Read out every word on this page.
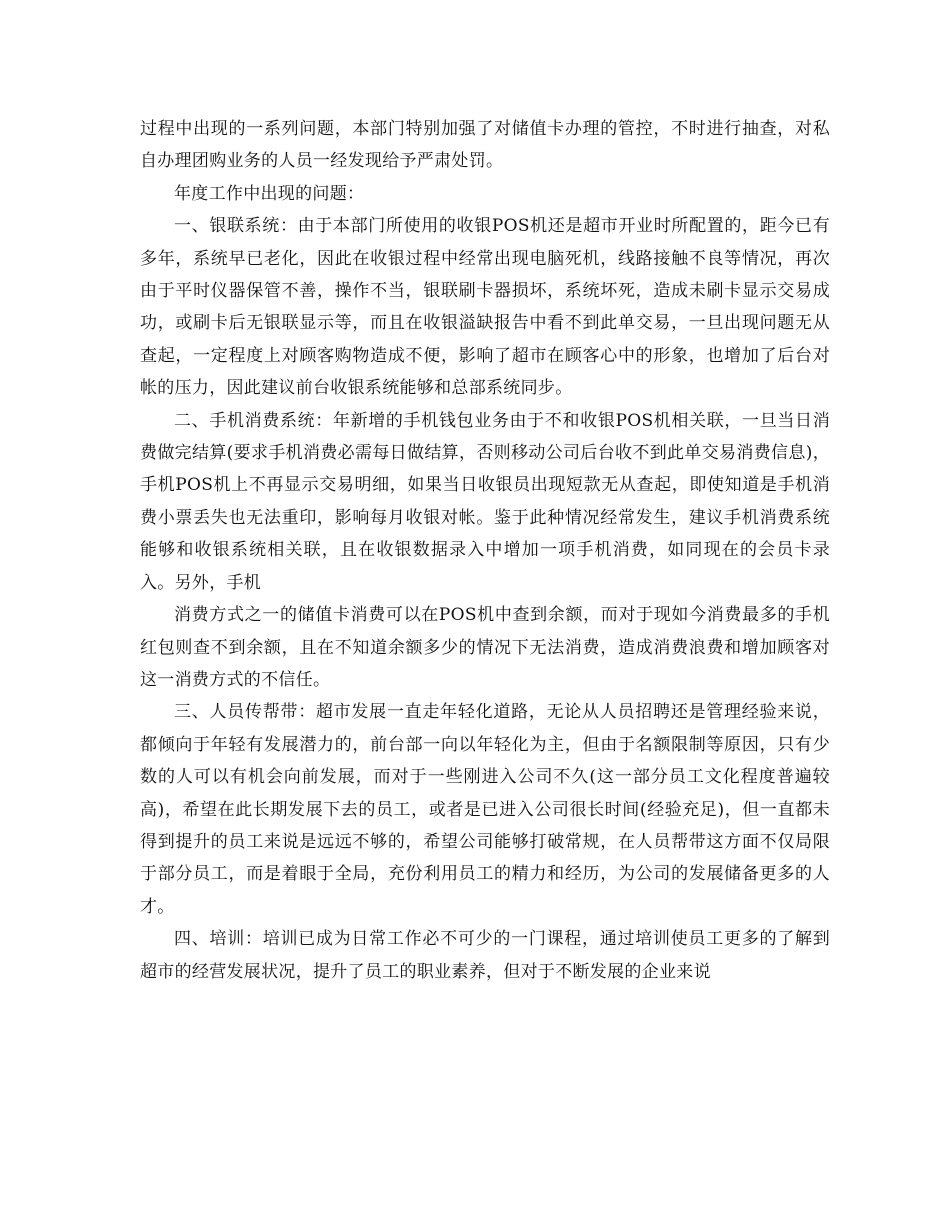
过程中出现的一系列问题，本部门特别加强了对储值卡办理的管控，不时进行抽查，对私自办理团购业务的人员一经发现给予严肃处罚。

年度工作中出现的问题：

一、银联系统：由于本部门所使用的收银POS机还是超市开业时所配置的，距今已有多年，系统早已老化，因此在收银过程中经常出现电脑死机，线路接触不良等情况，再次由于平时仪器保管不善，操作不当，银联刷卡器损坏，系统坏死，造成未刷卡显示交易成功，或刷卡后无银联显示等，而且在收银溢缺报告中看不到此单交易，一旦出现问题无从查起，一定程度上对顾客购物造成不便，影响了超市在顾客心中的形象，也增加了后台对帐的压力，因此建议前台收银系统能够和总部系统同步。

二、手机消费系统：年新增的手机钱包业务由于不和收银POS机相关联，一旦当日消费做完结算(要求手机消费必需每日做结算，否则移动公司后台收不到此单交易消费信息)，手机POS机上不再显示交易明细，如果当日收银员出现短款无从查起，即使知道是手机消费小票丢失也无法重印，影响每月收银对帐。鉴于此种情况经常发生，建议手机消费系统能够和收银系统相关联，且在收银数据录入中增加一项手机消费，如同现在的会员卡录入。另外，手机

消费方式之一的储值卡消费可以在POS机中查到余额，而对于现如今消费最多的手机红包则查不到余额，且在不知道余额多少的情况下无法消费，造成消费浪费和增加顾客对这一消费方式的不信任。

三、人员传帮带：超市发展一直走年轻化道路，无论从人员招聘还是管理经验来说，都倾向于年轻有发展潜力的，前台部一向以年轻化为主，但由于名额限制等原因，只有少数的人可以有机会向前发展，而对于一些刚进入公司不久(这一部分员工文化程度普遍较高)，希望在此长期发展下去的员工，或者是已进入公司很长时间(经验充足)，但一直都未得到提升的员工来说是远远不够的，希望公司能够打破常规，在人员帮带这方面不仅局限于部分员工，而是着眼于全局，充份利用员工的精力和经历，为公司的发展储备更多的人才。

四、培训：培训已成为日常工作必不可少的一门课程，通过培训使员工更多的了解到超市的经营发展状况，提升了员工的职业素养，但对于不断发展的企业来说
